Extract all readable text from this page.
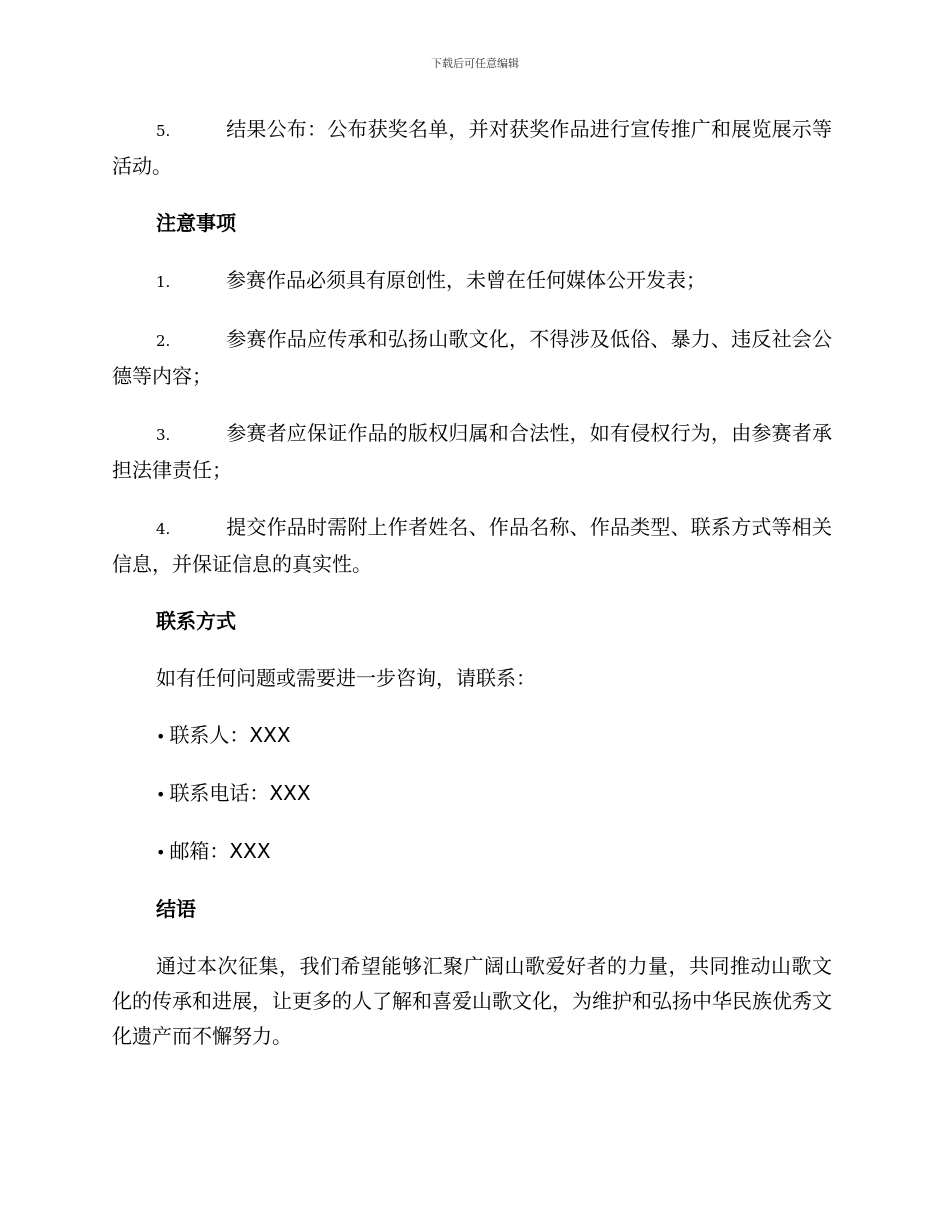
下载后可任意编辑

5.	结果公布：公布获奖名单，并对获奖作品进行宣传推广和展览展示等活动。

注意事项

1.	参赛作品必须具有原创性，未曾在任何媒体公开发表；

2.	参赛作品应传承和弘扬山歌文化，不得涉及低俗、暴力、违反社会公德等内容；

3.	参赛者应保证作品的版权归属和合法性，如有侵权行为，由参赛者承担法律责任；

4.	提交作品时需附上作者姓名、作品名称、作品类型、联系方式等相关信息，并保证信息的真实性。

联系方式
如有任何问题或需要进一步咨询，请联系：
• 联系人：XXX
• 联系电话：XXX
• 邮箱：XXX
结语

通过本次征集，我们希望能够汇聚广阔山歌爱好者的力量，共同推动山歌文化的传承和进展，让更多的人了解和喜爱山歌文化，为维护和弘扬中华民族优秀文化遗产而不懈努力。
